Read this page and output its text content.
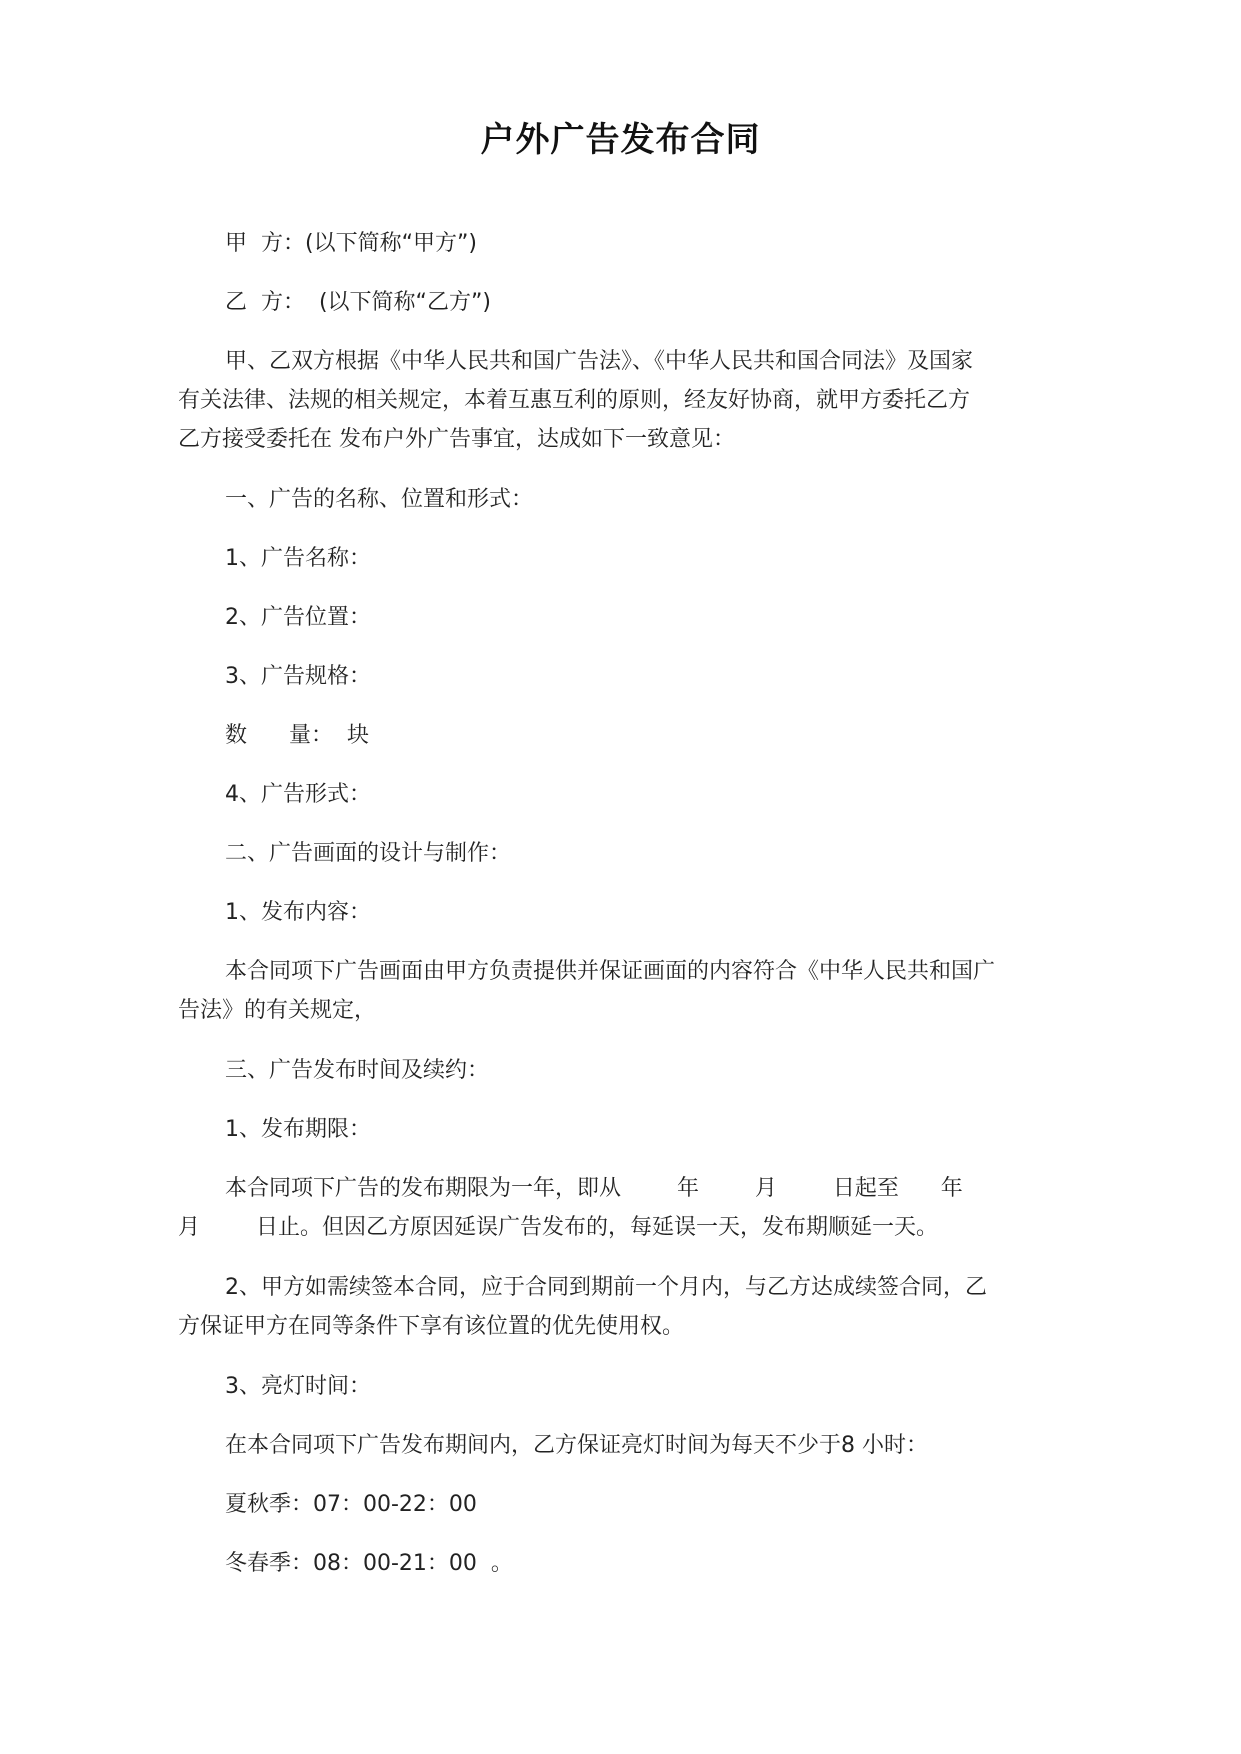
户外广告发布合同
甲  方：(以下简称“甲方”)
乙  方：  (以下简称“乙方”)
甲、乙双方根据《中华人民共和国广告法》、《中华人民共和国合同法》及国家
有关法律、法规的相关规定，本着互惠互利的原则，经友好协商，就甲方委托乙方
乙方接受委托在 发布户外广告事宜，达成如下一致意见：
一、广告的名称、位置和形式：
1、广告名称：
2、广告位置：
3、广告规格：
数      量：  块
4、广告形式：
二、广告画面的设计与制作：
1、发布内容：
本合同项下广告画面由甲方负责提供并保证画面的内容符合《中华人民共和国广
告法》的有关规定，
三、广告发布时间及续约：
1、发布期限：
本合同项下广告的发布期限为一年，即从        年        月        日起至      年
月        日止。但因乙方原因延误广告发布的，每延误一天，发布期顺延一天。
2、甲方如需续签本合同，应于合同到期前一个月内，与乙方达成续签合同，乙
方保证甲方在同等条件下享有该位置的优先使用权。
3、亮灯时间：
在本合同项下广告发布期间内，乙方保证亮灯时间为每天不少于8 小时：
夏秋季：07：00-22：00
冬春季：08：00-21：00  。
